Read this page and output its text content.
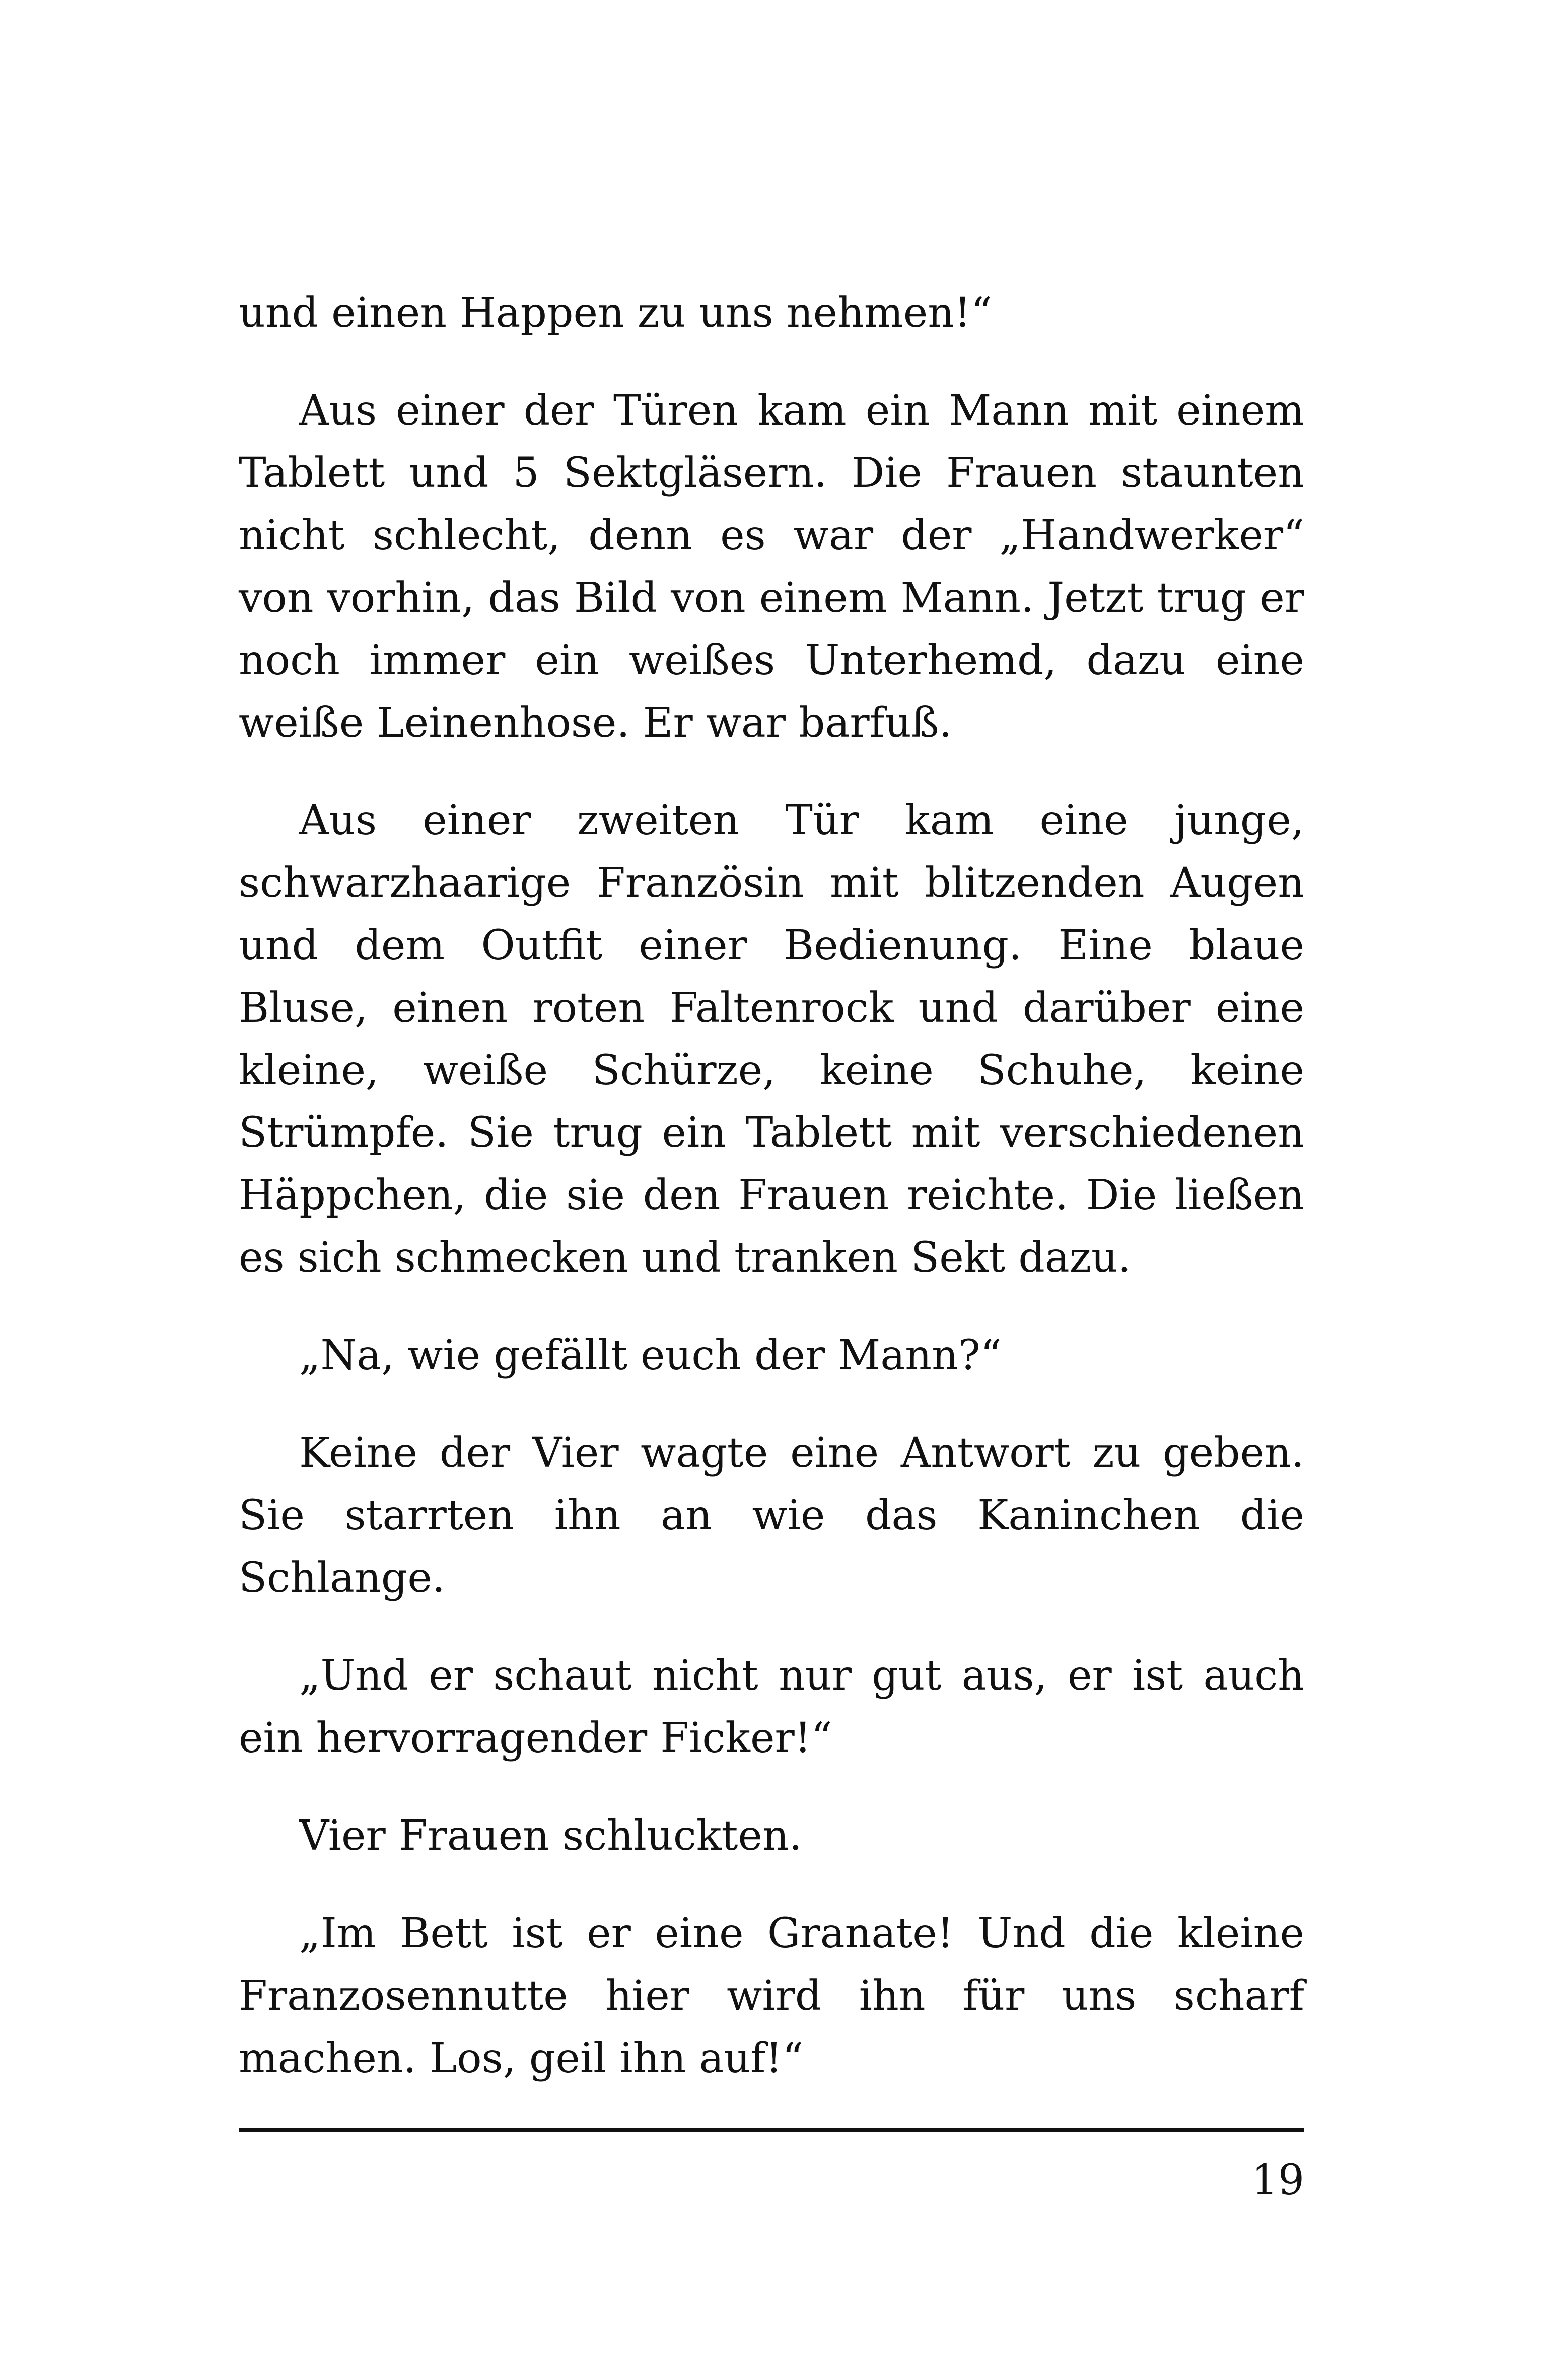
und einen Happen zu uns nehmen!“

Aus einer der Türen kam ein Mann mit einem Tablett und 5 Sektgläsern. Die Frauen staunten nicht schlecht, denn es war der „Handwerker“ von vorhin, das Bild von einem Mann. Jetzt trug er noch immer ein weißes Unterhemd, dazu eine weiße Leinenhose. Er war barfuß.

Aus einer zweiten Tür kam eine junge, schwarzhaarige Französin mit blitzenden Augen und dem Outfit einer Bedienung. Eine blaue Bluse, einen roten Faltenrock und darüber eine kleine, weiße Schürze, keine Schuhe, keine Strümpfe. Sie trug ein Tablett mit verschiedenen Häppchen, die sie den Frauen reichte. Die ließen es sich schmecken und tranken Sekt dazu.

„Na, wie gefällt euch der Mann?“

Keine der Vier wagte eine Antwort zu geben. Sie starrten ihn an wie das Kaninchen die Schlange.

„Und er schaut nicht nur gut aus, er ist auch ein hervorragender Ficker!“

Vier Frauen schluckten.

„Im Bett ist er eine Granate! Und die kleine Franzosennutte hier wird ihn für uns scharf machen. Los, geil ihn auf!“

19
